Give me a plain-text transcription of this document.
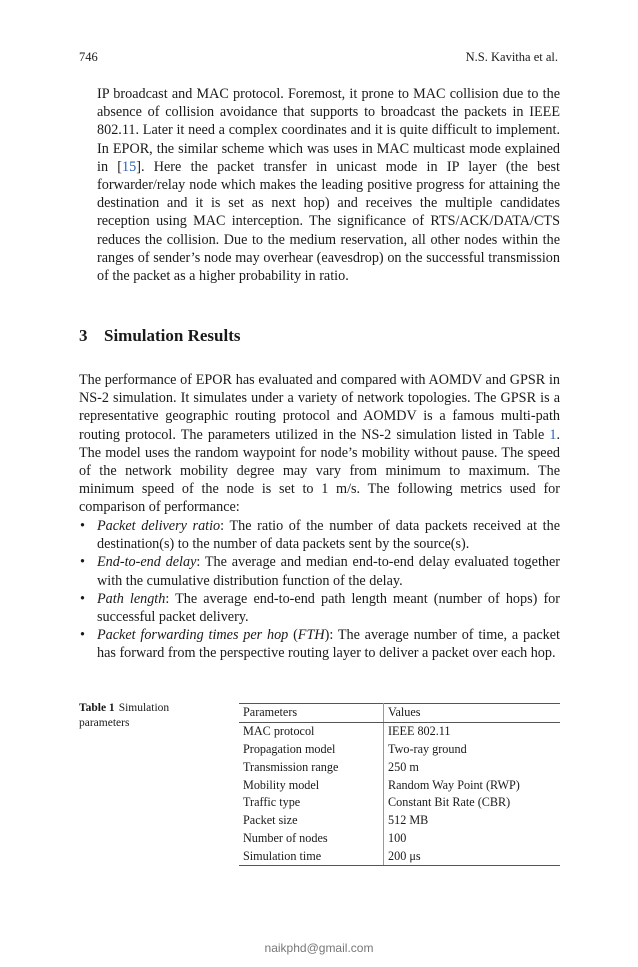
746	N.S. Kavitha et al.

IP broadcast and MAC protocol. Foremost, it prone to MAC collision due to the absence of collision avoidance that supports to broadcast the packets in IEEE 802.11. Later it need a complex coordinates and it is quite difficult to implement. In EPOR, the similar scheme which was uses in MAC multicast mode explained in [15]. Here the packet transfer in unicast mode in IP layer (the best forwarder/relay node which makes the leading positive progress for attaining the destination and it is set as next hop) and receives the multiple candidates reception using MAC interception. The significance of RTS/ACK/DATA/CTS reduces the collision. Due to the medium reservation, all other nodes within the ranges of sender’s node may overhear (eavesdrop) on the successful transmission of the packet as a higher probability in ratio.

3 Simulation Results

The performance of EPOR has evaluated and compared with AOMDV and GPSR in NS-2 simulation. It simulates under a variety of network topologies. The GPSR is a representative geographic routing protocol and AOMDV is a famous multi-path routing protocol. The parameters utilized in the NS-2 simulation listed in Table 1. The model uses the random waypoint for node’s mobility without pause. The speed of the network mobility degree may vary from minimum to maximum. The minimum speed of the node is set to 1 m/s. The following metrics used for comparison of performance:

• Packet delivery ratio: The ratio of the number of data packets received at the destination(s) to the number of data packets sent by the source(s).
• End-to-end delay: The average and median end-to-end delay evaluated together with the cumulative distribution function of the delay.
• Path length: The average end-to-end path length meant (number of hops) for successful packet delivery.
• Packet forwarding times per hop (FTH): The average number of time, a packet has forward from the perspective routing layer to deliver a packet over each hop.
Table 1 Simulation parameters
Parameters	Values
MAC protocol	IEEE 802.11
Propagation model	Two-ray ground
Transmission range	250 m
Mobility model	Random Way Point (RWP)
Traffic type	Constant Bit Rate (CBR)
Packet size	512 MB
Number of nodes	100
Simulation time	200 μs
naikphd@gmail.com
